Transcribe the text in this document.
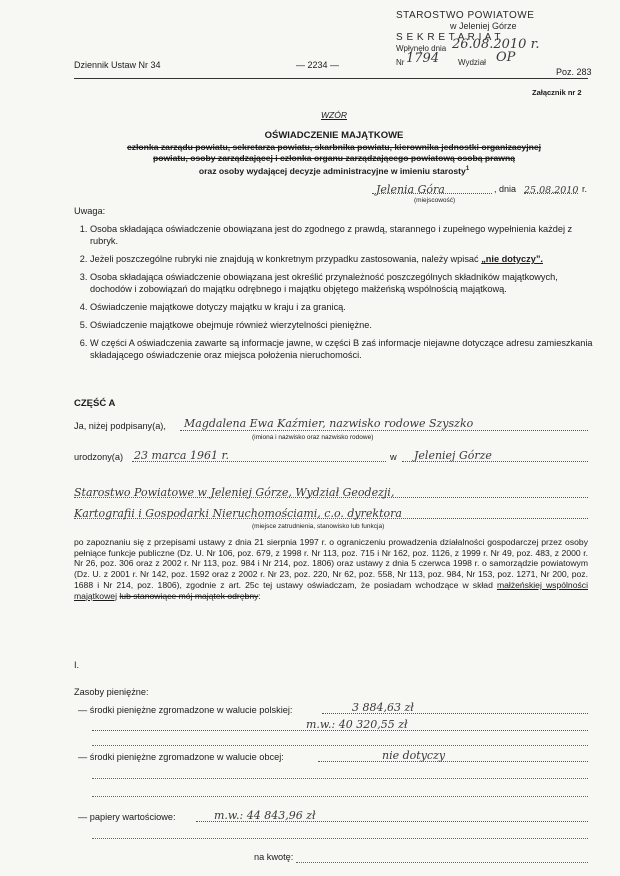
STAROSTWO POWIATOWE
w Jeleniej Górze
S E K R E T A R I A T
Wpłynęło dnia 26.08.2010 r.
Nr 1794 Wydział OP
Dziennik Ustaw Nr 34	— 2234 —
Poz. 283
Załącznik nr 2
WZÓR
OŚWIADCZENIE MAJĄTKOWE
członka zarządu powiatu, sekretarza powiatu, skarbnika powiatu, kierownika jednostki organizacyjnej
powiatu, osoby zarządzającej i członka organu zarządzającego powiatową osobą prawną
oraz osoby wydającej decyzje administracyjne w imieniu starosty$^1$
Jelenia Góra	, dnia 25.08.2010 r.
(miejscowość)
Uwaga:
1. Osoba składająca oświadczenie obowiązana jest do zgodnego z prawdą, starannego i zupełnego wypełnienia każdej z rubryk.
2. Jeżeli poszczególne rubryki nie znajdują w konkretnym przypadku zastosowania, należy wpisać „nie dotyczy”.
3. Osoba składająca oświadczenie obowiązana jest określić przynależność poszczególnych składników majątkowych, dochodów i zobowiązań do majątku odrębnego i majątku objętego małżeńską wspólnością majątkową.
4. Oświadczenie majątkowe dotyczy majątku w kraju i za granicą.
5. Oświadczenie majątkowe obejmuje również wierzytelności pieniężne.
6. W części A oświadczenia zawarte są informacje jawne, w części B zaś informacje niejawne dotyczące adresu zamieszkania składającego oświadczenie oraz miejsca położenia nieruchomości.
CZĘŚĆ A
Ja, niżej podpisany(a),	Magdalena Ewa Kaźmier, nazwisko rodowe Szyszko
(imiona i nazwisko oraz nazwisko rodowe)
urodzony(a) 23 marca 1961 r.	w	Jeleniej Górze
Starostwo Powiatowe w Jeleniej Górze, Wydział Geodezji,
Kartografii i Gospodarki Nieruchomościami, c.o. dyrektora
(miejsce zatrudnienia, stanowisko lub funkcja)
po zapoznaniu się z przepisami ustawy z dnia 21 sierpnia 1997 r. o ograniczeniu prowadzenia działalności gospodarczej przez osoby pełniące funkcje publiczne (Dz. U. Nr 106, poz. 679, z 1998 r. Nr 113, poz. 715 i Nr 162, poz. 1126, z 1999 r. Nr 49, poz. 483, z 2000 r. Nr 26, poz. 306 oraz z 2002 r. Nr 113, poz. 984 i Nr 214, poz. 1806) oraz ustawy z dnia 5 czerwca 1998 r. o samorządzie powiatowym (Dz. U. z 2001 r. Nr 142, poz. 1592 oraz z 2002 r. Nr 23, poz. 220, Nr 62, poz. 558, Nr 113, poz. 984, Nr 153, poz. 1271, Nr 200, poz. 1688 i Nr 214, poz. 1806), zgodnie z art. 25c tej ustawy oświadczam, że posiadam wchodzące w skład małżeńskiej wspólności majątkowej lub stanowiące mój majątek odrębny:
I.
Zasoby pieniężne:
— środki pieniężne zgromadzone w walucie polskiej:	3 884,63 zł
m.w.: 40 320,55 zł
— środki pieniężne zgromadzone w walucie obcej:	nie dotyczy
— papiery wartościowe:	m.w.: 44 843,96 zł
na kwotę:
